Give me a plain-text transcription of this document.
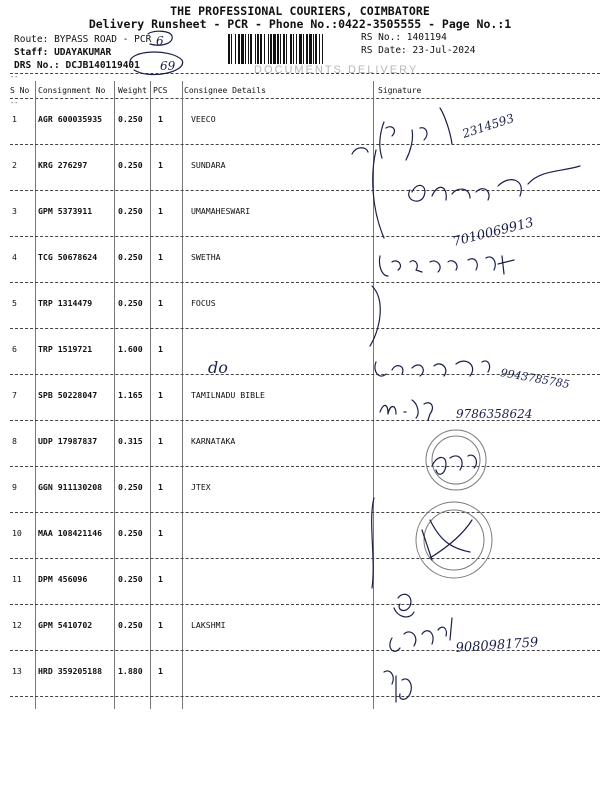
THE PROFESSIONAL COURIERS, COIMBATORE
Delivery Runsheet - PCR - Phone No.:0422-3505555 - Page No.:1
Route: BYPASS ROAD - PCR
Staff: UDAYAKUMAR
DRS No.: DCJB140119401
RS No.: 1401194
RS Date: 23-Jul-2024
DOCUMENTS DELIVERY
--
S No Consignment No Weight PCS Consignee Details	Signature
--
1	AGR 600035935 0.250 1	VEECO
2	KRG 276297	0.250 1	SUNDARA
3	GPM 5373911	0.250 1	UMAMAHESWARI
4	TCG 50678624	0.250 1	SWETHA
5	TRP 1314479	0.250 1	FOCUS
6	TRP 1519721	1.600 1
7	SPB 50228047	1.165 1	TAMILNADU BIBLE
8	UDP 17987837	0.315 1	KARNATAKA
9	GGN 911130208 0.250 1	JTEX
10 MAA 108421146 0.250 1
11 DPM 456096	0.250 1
12 GPM 5410702	0.250 1	LAKSHMI
13 HRD 359205188 1.880 1
6
69
2314593
7010069913
do	9943785785
9786358624
9080981759
